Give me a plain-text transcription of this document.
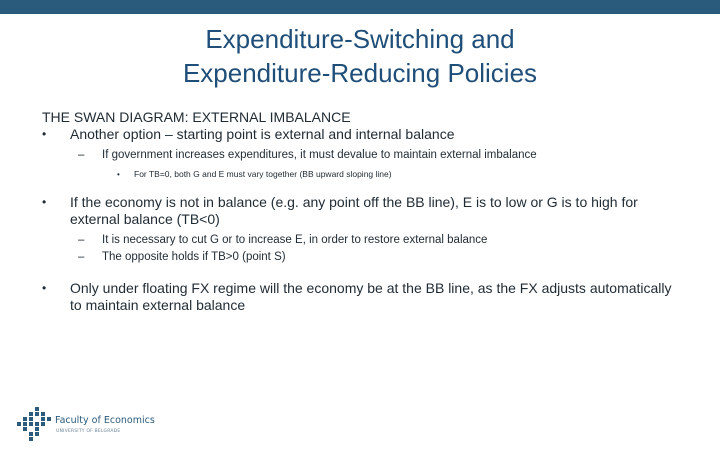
Expenditure-Switching and
Expenditure-Reducing Policies
THE SWAN DIAGRAM: EXTERNAL IMBALANCE
•	Another option – starting point is external and internal balance
– If government increases expenditures, it must devalue to maintain external imbalance
• For TB=0, both G and E must vary together (BB upward sloping line)
•	If the economy is not in balance (e.g. any point off the BB line), E is to low or G is to high for
external balance (TB<0)
– It is necessary to cut G or to increase E, in order to restore external balance
– The opposite holds if TB>0 (point S)
•	Only under floating FX regime will the economy be at the BB line, as the FX adjusts automatically
to maintain external balance
Faculty of Economics
UNIVERSITY OF BELGRADE
